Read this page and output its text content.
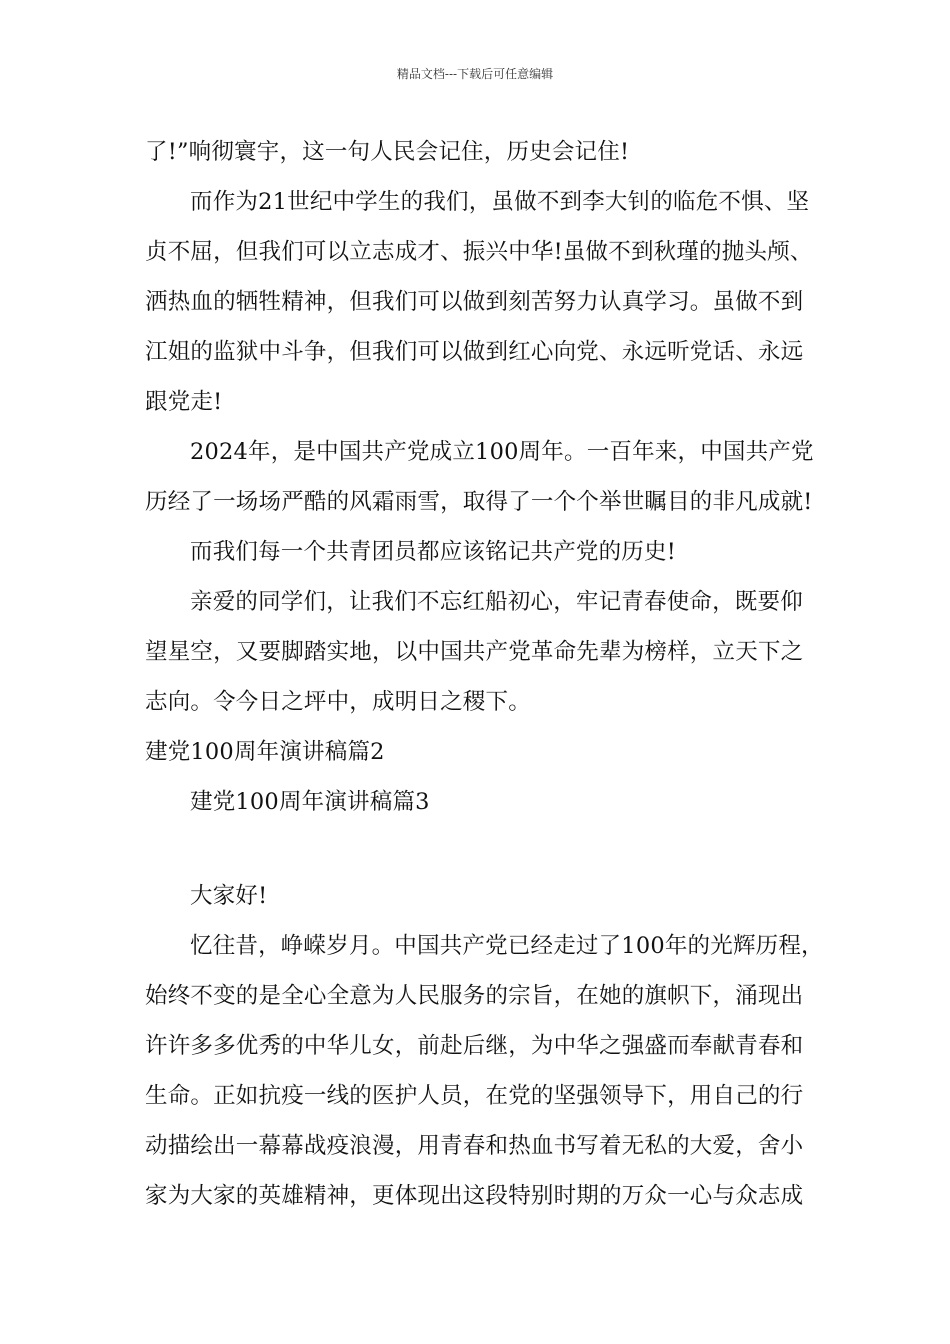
精品文档---下载后可任意编辑
了!”响彻寰宇，这一句人民会记住，历史会记住!
而作为21世纪中学生的我们，虽做不到李大钊的临危不惧、坚
贞不屈，但我们可以立志成才、振兴中华!虽做不到秋瑾的抛头颅、
洒热血的牺牲精神，但我们可以做到刻苦努力认真学习。虽做不到
江姐的监狱中斗争，但我们可以做到红心向党、永远听党话、永远
跟党走!
2024年，是中国共产党成立100周年。一百年来，中国共产党
历经了一场场严酷的风霜雨雪，取得了一个个举世瞩目的非凡成就!
而我们每一个共青团员都应该铭记共产党的历史!
亲爱的同学们，让我们不忘红船初心，牢记青春使命，既要仰
望星空，又要脚踏实地，以中国共产党革命先辈为榜样，立天下之
志向。令今日之坪中，成明日之稷下。
建党100周年演讲稿篇2
建党100周年演讲稿篇3
大家好!
忆往昔，峥嵘岁月。中国共产党已经走过了100年的光辉历程，
始终不变的是全心全意为人民服务的宗旨，在她的旗帜下，涌现出
许许多多优秀的中华儿女，前赴后继，为中华之强盛而奉献青春和
生命。正如抗疫一线的医护人员，在党的坚强领导下，用自己的行
动描绘出一幕幕战疫浪漫，用青春和热血书写着无私的大爱，舍小
家为大家的英雄精神，更体现出这段特别时期的万众一心与众志成
